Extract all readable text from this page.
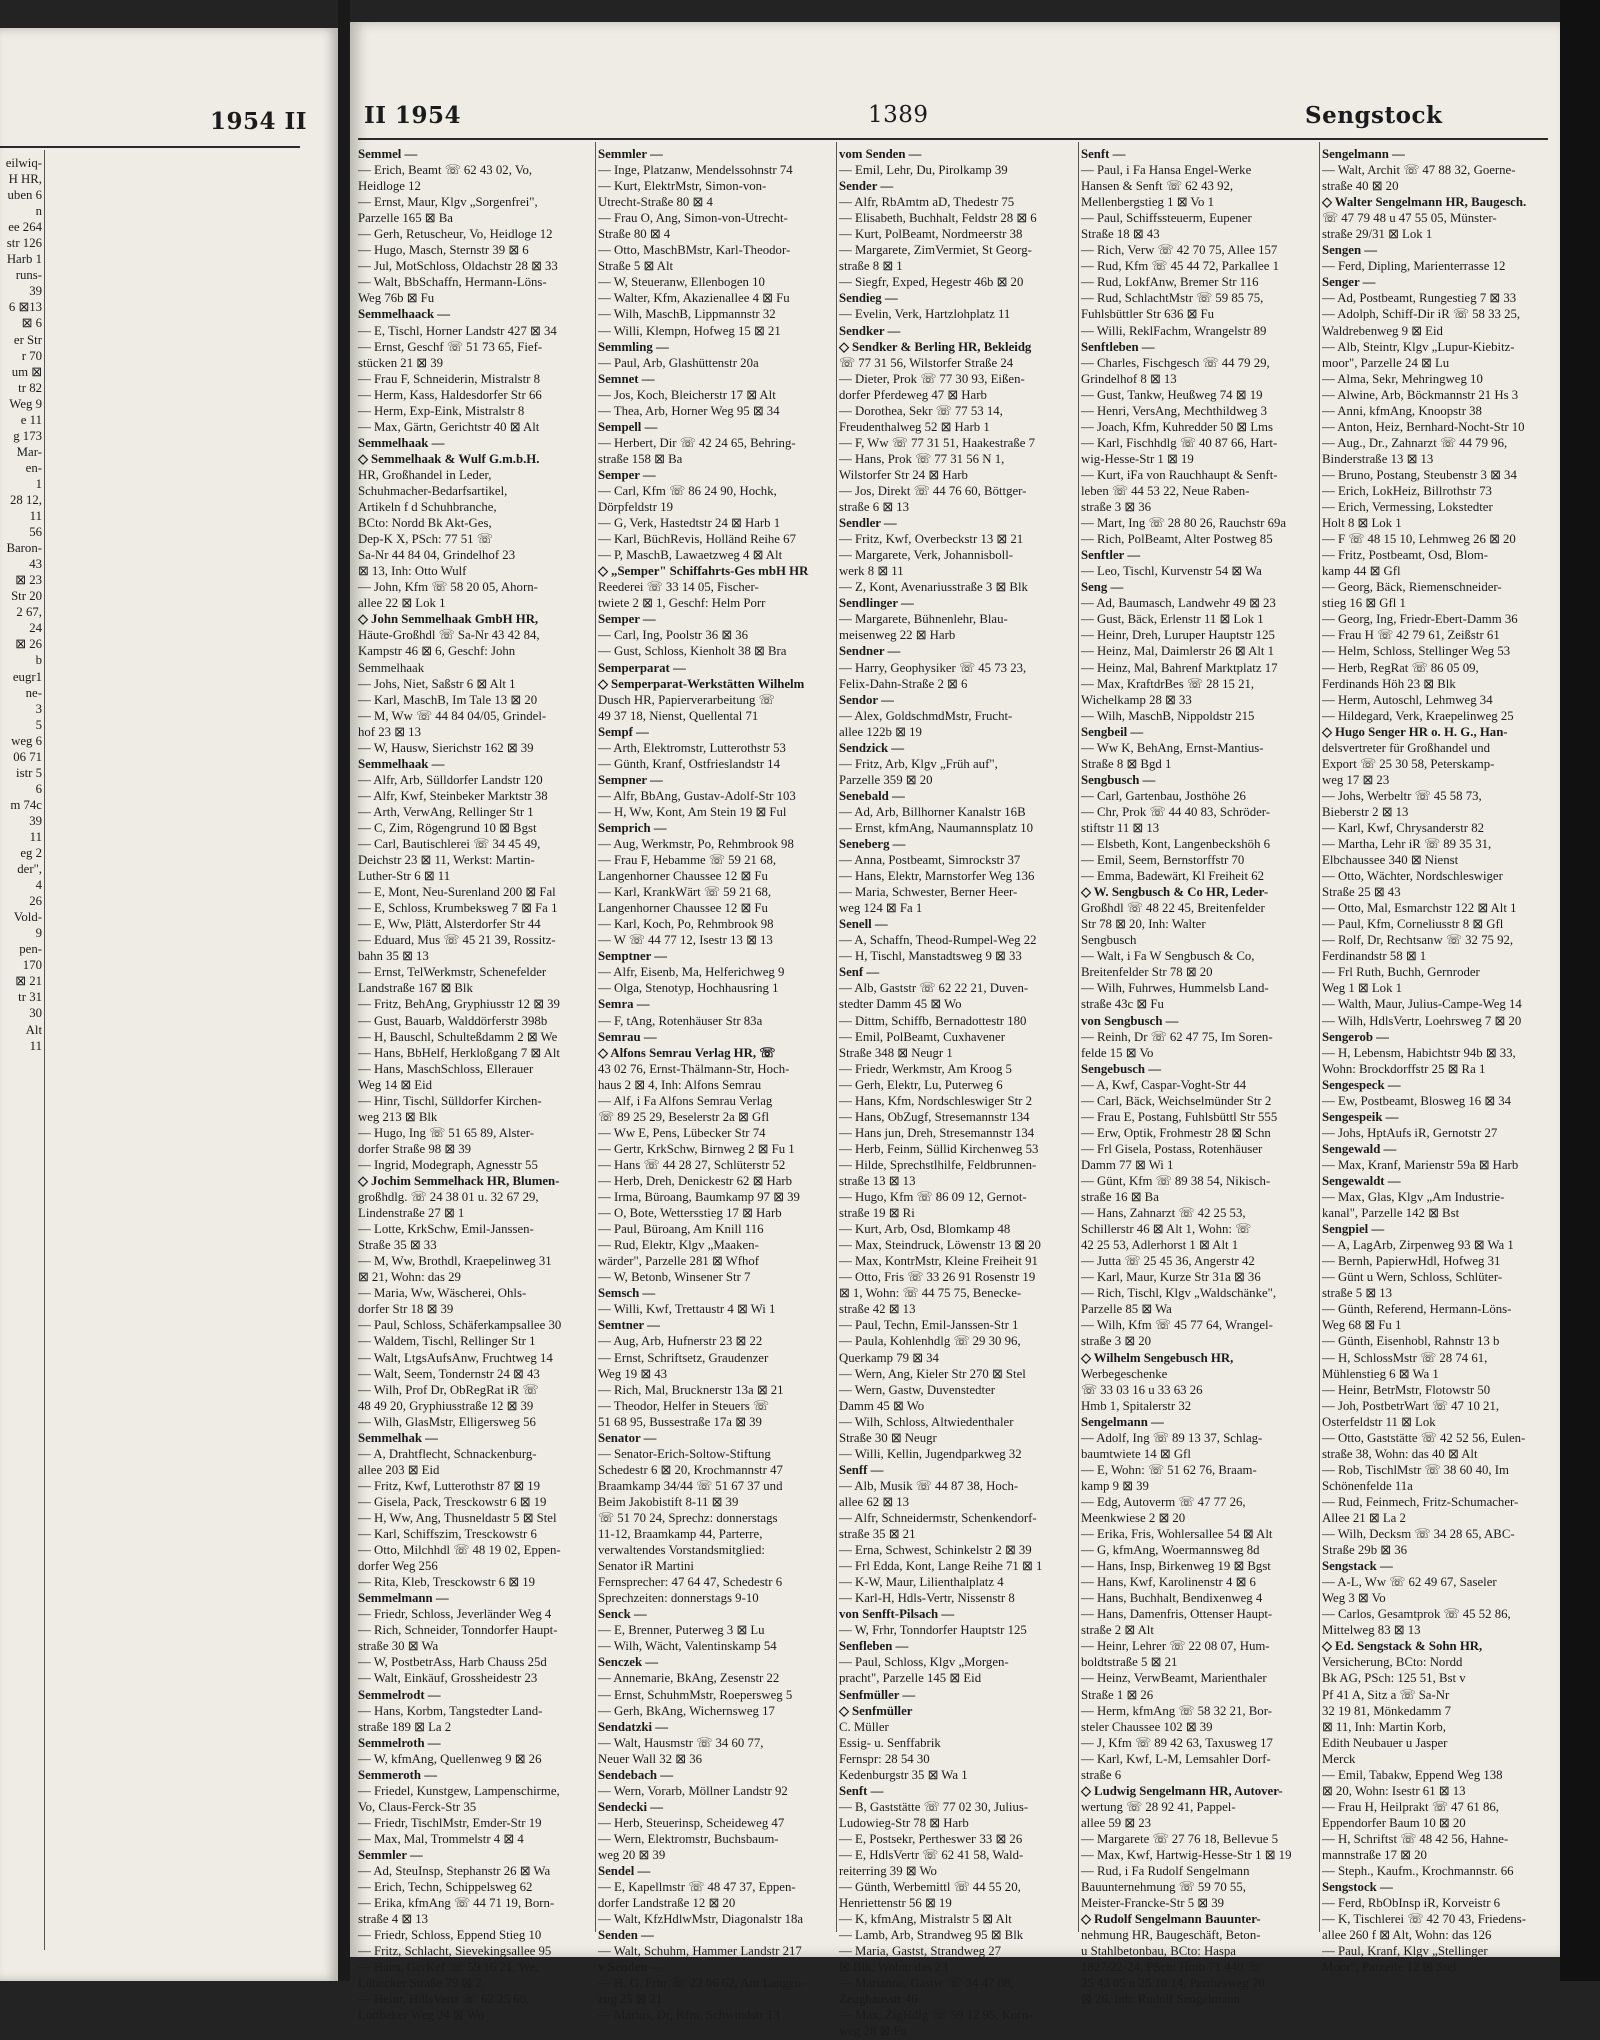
1954 II
eilwiq-
H HR,
uben 6
n
ee 264
str 126
Harb 1
runs-
39
6 ⊠13
⊠ 6
er Str
r 70
um ⊠
tr 82
Weg 9
e 11
g 173
Mar-
en-
1
28 12,
11
56
Baron-
43
⊠ 23
Str 20
2 67,
24
⊠ 26
b
eugr1
ne-
3
5
weg 6
06 71
istr 5
6
m 74c
39
11
eg 2
der",
4
26
Vold-
9
pen-
170
⊠ 21
tr 31
30
Alt
11
II 1954	1389	Sengstock
Semmel —
— Erich, Beamt ☏ 62 43 02, Vo,
Heidloge 12
— Ernst, Maur, Klgv „Sorgenfrei",
Parzelle 165 ⊠ Ba
— Gerh, Retuscheur, Vo, Heidloge 12
— Hugo, Masch, Sternstr 39 ⊠ 6
— Jul, MotSchloss, Oldachstr 28 ⊠ 33
— Walt, BbSchaffn, Hermann-Löns-
Weg 76b ⊠ Fu
Semmelhaack —
— E, Tischl, Horner Landstr 427 ⊠ 34
— Ernst, Geschf ☏ 51 73 65, Fief-
stücken 21 ⊠ 39
— Frau F, Schneiderin, Mistralstr 8
— Herm, Kass, Haldesdorfer Str 66
— Herm, Exp-Eink, Mistralstr 8
— Max, Gärtn, Gerichtstr 40 ⊠ Alt
Semmelhaak —
◇ Semmelhaak & Wulf G.m.b.H.
HR, Großhandel in Leder,
Schuhmacher-Bedarfsartikel,
Artikeln f d Schuhbranche,
BCto: Nordd Bk Akt-Ges,
Dep-K X, PSch: 77 51 ☏
Sa-Nr 44 84 04, Grindelhof 23
⊠ 13, Inh: Otto Wulf
— John, Kfm ☏ 58 20 05, Ahorn-
allee 22 ⊠ Lok 1
◇ John Semmelhaak GmbH HR,
Häute-Großhdl ☏ Sa-Nr 43 42 84,
Kampstr 46 ⊠ 6, Geschf: John
Semmelhaak
— Johs, Niet, Saßstr 6 ⊠ Alt 1
— Karl, MaschB, Im Tale 13 ⊠ 20
— M, Ww ☏ 44 84 04/05, Grindel-
hof 23 ⊠ 13
— W, Hausw, Sierichstr 162 ⊠ 39
Semmelhaak —
— Alfr, Arb, Sülldorfer Landstr 120
— Alfr, Kwf, Steinbeker Marktstr 38
— Arth, VerwAng, Rellinger Str 1
— C, Zim, Rögengrund 10 ⊠ Bgst
— Carl, Bautischlerei ☏ 34 45 49,
Deichstr 23 ⊠ 11, Werkst: Martin-
Luther-Str 6 ⊠ 11
— E, Mont, Neu-Surenland 200 ⊠ Fal
— E, Schloss, Krumbeksweg 7 ⊠ Fa 1
— E, Ww, Plätt, Alsterdorfer Str 44
— Eduard, Mus ☏ 45 21 39, Rossitz-
bahn 35 ⊠ 13
— Ernst, TelWerkmstr, Schenefelder
Landstraße 167 ⊠ Blk
— Fritz, BehAng, Gryphiusstr 12 ⊠ 39
— Gust, Bauarb, Walddörferstr 398b
— H, Bauschl, Schulteßdamm 2 ⊠ We
— Hans, BbHelf, Herkloßgang 7 ⊠ Alt
— Hans, MaschSchloss, Ellerauer
Weg 14 ⊠ Eid
— Hinr, Tischl, Sülldorfer Kirchen-
weg 213 ⊠ Blk
— Hugo, Ing ☏ 51 65 89, Alster-
dorfer Straße 98 ⊠ 39
— Ingrid, Modegraph, Agnesstr 55
◇ Jochim Semmelhack HR, Blumen-
großhdlg. ☏ 24 38 01 u. 32 67 29,
Lindenstraße 27 ⊠ 1
— Lotte, KrkSchw, Emil-Janssen-
Straße 35 ⊠ 33
— M, Ww, Brothdl, Kraepelinweg 31
⊠ 21, Wohn: das 29
— Maria, Ww, Wäscherei, Ohls-
dorfer Str 18 ⊠ 39
— Paul, Schloss, Schäferkampsallee 30
— Waldem, Tischl, Rellinger Str 1
— Walt, LtgsAufsAnw, Fruchtweg 14
— Walt, Seem, Tondernstr 24 ⊠ 43
— Wilh, Prof Dr, ObRegRat iR ☏
48 49 20, Gryphiusstraße 12 ⊠ 39
— Wilh, GlasMstr, Elligersweg 56
Semmelhak —
— A, Drahtflecht, Schnackenburg-
allee 203 ⊠ Eid
— Fritz, Kwf, Lutterothstr 87 ⊠ 19
— Gisela, Pack, Tresckowstr 6 ⊠ 19
— H, Ww, Ang, Thusneldastr 5 ⊠ Stel
— Karl, Schiffszim, Tresckowstr 6
— Otto, Milchhdl ☏ 48 19 02, Eppen-
dorfer Weg 256
— Rita, Kleb, Tresckowstr 6 ⊠ 19
Semmelmann —
— Friedr, Schloss, Jeverländer Weg 4
— Rich, Schneider, Tonndorfer Haupt-
straße 30 ⊠ Wa
— W, PostbetrAss, Harb Chauss 25d
— Walt, Einkäuf, Grossheidestr 23
Semmelrodt —
— Hans, Korbm, Tangstedter Land-
straße 189 ⊠ La 2
Semmelroth —
— W, kfmAng, Quellenweg 9 ⊠ 26
Semmeroth —
— Friedel, Kunstgew, Lampenschirme,
Vo, Claus-Ferck-Str 35
— Friedr, TischlMstr, Emder-Str 19
— Max, Mal, Trommelstr 4 ⊠ 4
Semmler —
— Ad, SteuInsp, Stephanstr 26 ⊠ Wa
— Erich, Techn, Schippelsweg 62
— Erika, kfmAng ☏ 44 71 19, Born-
straße 4 ⊠ 13
— Friedr, Schloss, Eppend Stieg 10
— Fritz, Schlacht, Sievekingsallee 95
— Hans, GerKef ☏ 59 16 21, We,
Lübecker Straße 79 ⊠ 2
— Heinr, HdlsVertr ☏ 62 25 60,
Lottbeker Weg 24 ⊠ Wo
Semmler —
— Inge, Platzanw, Mendelssohnstr 74
— Kurt, ElektrMstr, Simon-von-
Utrecht-Straße 80 ⊠ 4
— Frau O, Ang, Simon-von-Utrecht-
Straße 80 ⊠ 4
— Otto, MaschBMstr, Karl-Theodor-
Straße 5 ⊠ Alt
— W, Steueranw, Ellenbogen 10
— Walter, Kfm, Akazienallee 4 ⊠ Fu
— Wilh, MaschB, Lippmannstr 32
— Willi, Klempn, Hofweg 15 ⊠ 21
Semmling —
— Paul, Arb, Glashüttenstr 20a
Semnet —
— Jos, Koch, Bleicherstr 17 ⊠ Alt
— Thea, Arb, Horner Weg 95 ⊠ 34
Sempell —
— Herbert, Dir ☏ 42 24 65, Behring-
straße 158 ⊠ Ba
Semper —
— Carl, Kfm ☏ 86 24 90, Hochk,
Dörpfeldstr 19
— G, Verk, Hastedtstr 24 ⊠ Harb 1
— Karl, BüchRevis, Holländ Reihe 67
— P, MaschB, Lawaetzweg 4 ⊠ Alt
◇ „Semper" Schiffahrts-Ges mbH HR
Reederei ☏ 33 14 05, Fischer-
twiete 2 ⊠ 1, Geschf: Helm Porr
Semper —
— Carl, Ing, Poolstr 36 ⊠ 36
— Gust, Schloss, Kienholt 38 ⊠ Bra
Semperparat —
◇ Semperparat-Werkstätten Wilhelm
Dusch HR, Papierverarbeitung ☏
49 37 18, Nienst, Quellental 71
Sempf —
— Arth, Elektromstr, Lutterothstr 53
— Günth, Kranf, Ostfrieslandstr 14
Sempner —
— Alfr, BbAng, Gustav-Adolf-Str 103
— H, Ww, Kont, Am Stein 19 ⊠ Ful
Semprich —
— Aug, Werkmstr, Po, Rehmbrook 98
— Frau F, Hebamme ☏ 59 21 68,
Langenhorner Chaussee 12 ⊠ Fu
— Karl, KrankWärt ☏ 59 21 68,
Langenhorner Chaussee 12 ⊠ Fu
— Karl, Koch, Po, Rehmbrook 98
— W ☏ 44 77 12, Isestr 13 ⊠ 13
Semptner —
— Alfr, Eisenb, Ma, Helferichweg 9
— Olga, Stenotyp, Hochhausring 1
Semra —
— F, tAng, Rotenhäuser Str 83a
Semrau —
◇ Alfons Semrau Verlag HR, ☏
43 02 76, Ernst-Thälmann-Str, Hoch-
haus 2 ⊠ 4, Inh: Alfons Semrau
— Alf, i Fa Alfons Semrau Verlag
☏ 89 25 29, Beselerstr 2a ⊠ Gfl
— Ww E, Pens, Lübecker Str 74
— Gertr, KrkSchw, Birnweg 2 ⊠ Fu 1
— Hans ☏ 44 28 27, Schlüterstr 52
— Herb, Dreh, Denickestr 62 ⊠ Harb
— Irma, Büroang, Baumkamp 97 ⊠ 39
— O, Bote, Wettersstieg 17 ⊠ Harb
— Paul, Büroang, Am Knill 116
— Rud, Elektr, Klgv „Maaken-
wärder", Parzelle 281 ⊠ Wfhof
— W, Betonb, Winsener Str 7
Semsch —
— Willi, Kwf, Trettaustr 4 ⊠ Wi 1
Semtner —
— Aug, Arb, Hufnerstr 23 ⊠ 22
— Ernst, Schriftsetz, Graudenzer
Weg 19 ⊠ 43
— Rich, Mal, Brucknerstr 13a ⊠ 21
— Theodor, Helfer in Steuers ☏
51 68 95, Bussestraße 17a ⊠ 39
Senator —
— Senator-Erich-Soltow-Stiftung
Schedestr 6 ⊠ 20, Krochmannstr 47
Braamkamp 34/44 ☏ 51 67 37 und
Beim Jakobistift 8-11 ⊠ 39
☏ 51 70 24, Sprechz: donnerstags
11-12, Braamkamp 44, Parterre,
verwaltendes Vorstandsmitglied:
Senator iR Martini
Fernsprecher: 47 64 47, Schedestr 6
Sprechzeiten: donnerstags 9-10
Senck —
— E, Brenner, Puterweg 3 ⊠ Lu
— Wilh, Wächt, Valentinskamp 54
Senczek —
— Annemarie, BkAng, Zesenstr 22
— Ernst, SchuhmMstr, Roepersweg 5
— Gerh, BkAng, Wichernsweg 17
Sendatzki —
— Walt, Hausmstr ☏ 34 60 77,
Neuer Wall 32 ⊠ 36
Sendebach —
— Wern, Vorarb, Möllner Landstr 92
Sendecki —
— Herb, Steuerinsp, Scheideweg 47
— Wern, Elektromstr, Buchsbaum-
weg 20 ⊠ 39
Sendel —
— E, Kapellmstr ☏ 48 47 37, Eppen-
dorfer Landstraße 12 ⊠ 20
— Walt, KfzHdlwMstr, Diagonalstr 18a
Senden —
— Walt, Schuhm, Hammer Landstr 217
v Senden —
— H, G, Frhr ☏ 22 06 62, Am Langen-
zug 25 ⊠ 21
— Marius, Dr, Kfm, Schwindstr 13
vom Senden —
— Emil, Lehr, Du, Pirolkamp 39
Sender —
— Alfr, RbAmtm aD, Thedestr 75
— Elisabeth, Buchhalt, Feldstr 28 ⊠ 6
— Kurt, PolBeamt, Nordmeerstr 38
— Margarete, ZimVermiet, St Georg-
straße 8 ⊠ 1
— Siegfr, Exped, Hegestr 46b ⊠ 20
Sendieg —
— Evelin, Verk, Hartzlohplatz 11
Sendker —
◇ Sendker & Berling HR, Bekleidg
☏ 77 31 56, Wilstorfer Straße 24
— Dieter, Prok ☏ 77 30 93, Eißen-
dorfer Pferdeweg 47 ⊠ Harb
— Dorothea, Sekr ☏ 77 53 14,
Freudenthalweg 52 ⊠ Harb 1
— F, Ww ☏ 77 31 51, Haakestraße 7
— Hans, Prok ☏ 77 31 56 N 1,
Wilstorfer Str 24 ⊠ Harb
— Jos, Direkt ☏ 44 76 60, Böttger-
straße 6 ⊠ 13
Sendler —
— Fritz, Kwf, Overbeckstr 13 ⊠ 21
— Margarete, Verk, Johannisboll-
werk 8 ⊠ 11
— Z, Kont, Avenariusstraße 3 ⊠ Blk
Sendlinger —
— Margarete, Bühnenlehr, Blau-
meisenweg 22 ⊠ Harb
Sendner —
— Harry, Geophysiker ☏ 45 73 23,
Felix-Dahn-Straße 2 ⊠ 6
Sendor —
— Alex, GoldschmdMstr, Frucht-
allee 122b ⊠ 19
Sendzick —
— Fritz, Arb, Klgv „Früh auf",
Parzelle 359 ⊠ 20
Senebald —
— Ad, Arb, Billhorner Kanalstr 16B
— Ernst, kfmAng, Naumannsplatz 10
Seneberg —
— Anna, Postbeamt, Simrockstr 37
— Hans, Elektr, Marnstorfer Weg 136
— Maria, Schwester, Berner Heer-
weg 124 ⊠ Fa 1
Senell —
— A, Schaffn, Theod-Rumpel-Weg 22
— H, Tischl, Manstadtsweg 9 ⊠ 33
Senf —
— Alb, Gaststr ☏ 62 22 21, Duven-
stedter Damm 45 ⊠ Wo
— Dittm, Schiffb, Bernadottestr 180
— Emil, PolBeamt, Cuxhavener
Straße 348 ⊠ Neugr 1
— Friedr, Werkmstr, Am Kroog 5
— Gerh, Elektr, Lu, Puterweg 6
— Hans, Kfm, Nordschleswiger Str 2
— Hans, ObZugf, Stresemannstr 134
— Hans jun, Dreh, Stresemannstr 134
— Herb, Feinm, Süllid Kirchenweg 53
— Hilde, Sprechstlhilfe, Feldbrunnen-
straße 13 ⊠ 13
— Hugo, Kfm ☏ 86 09 12, Gernot-
straße 19 ⊠ Ri
— Kurt, Arb, Osd, Blomkamp 48
— Max, Steindruck, Löwenstr 13 ⊠ 20
— Max, KontrMstr, Kleine Freiheit 91
— Otto, Fris ☏ 33 26 91 Rosenstr 19
⊠ 1, Wohn: ☏ 44 75 75, Benecke-
straße 42 ⊠ 13
— Paul, Techn, Emil-Janssen-Str 1
— Paula, Kohlenhdlg ☏ 29 30 96,
Querkamp 79 ⊠ 34
— Wern, Ang, Kieler Str 270 ⊠ Stel
— Wern, Gastw, Duvenstedter
Damm 45 ⊠ Wo
— Wilh, Schloss, Altwiedenthaler
Straße 30 ⊠ Neugr
— Willi, Kellin, Jugendparkweg 32
Senff —
— Alb, Musik ☏ 44 87 38, Hoch-
allee 62 ⊠ 13
— Alfr, Schneidermstr, Schenkendorf-
straße 35 ⊠ 21
— Erna, Schwest, Schinkelstr 2 ⊠ 39
— Frl Edda, Kont, Lange Reihe 71 ⊠ 1
— K-W, Maur, Lilienthalplatz 4
— Karl-H, Hdls-Vertr, Nissenstr 8
von Senfft-Pilsach —
— W, Frhr, Tonndorfer Hauptstr 125
Senfleben —
— Paul, Schloss, Klgv „Morgen-
pracht", Parzelle 145 ⊠ Eid
Senfmüller —
◇ Senfmüller
C. Müller
Essig- u. Senffabrik
Fernspr: 28 54 30
Kedenburgstr 35 ⊠ Wa 1
Senft —
— B, Gaststätte ☏ 77 02 30, Julius-
Ludowieg-Str 78 ⊠ Harb
— E, Postsekr, Pertheswег 33 ⊠ 26
— E, HdlsVertr ☏ 62 41 58, Wald-
reiterring 39 ⊠ Wo
— Günth, Werbemittl ☏ 44 55 20,
Henriettenstr 56 ⊠ 19
— K, kfmAng, Mistralstr 5 ⊠ Alt
— Lamb, Arb, Strandweg 95 ⊠ Blk
— Maria, Gastst, Strandweg 27
⊠ Blk, Wohn: das 23
— Marianne, Gastw ☏ 34 47 08,
Zeughausstr 46
— Max, ZigHdlg ☏ 59 12 95, Korn-
weg 28 ⊠ Fu
Senft —
— Paul, i Fa Hansa Engel-Werke
Hansen & Senft ☏ 62 43 92,
Mellenbergstieg 1 ⊠ Vo 1
— Paul, Schiffssteuerm, Eupener
Straße 18 ⊠ 43
— Rich, Verw ☏ 42 70 75, Allee 157
— Rud, Kfm ☏ 45 44 72, Parkallee 1
— Rud, LokfAnw, Bremer Str 116
— Rud, SchlachtMstr ☏ 59 85 75,
Fuhlsbüttler Str 636 ⊠ Fu
— Willi, ReklFachm, Wrangelstr 89
Senftleben —
— Charles, Fischgesch ☏ 44 79 29,
Grindelhof 8 ⊠ 13
— Gust, Tankw, Heußweg 74 ⊠ 19
— Henri, VersAng, Mechthildweg 3
— Joach, Kfm, Kuhredder 50 ⊠ Lms
— Karl, Fischhdlg ☏ 40 87 66, Hart-
wig-Hesse-Str 1 ⊠ 19
— Kurt, iFa von Rauchhaupt & Senft-
leben ☏ 44 53 22, Neue Raben-
straße 3 ⊠ 36
— Mart, Ing ☏ 28 80 26, Rauchstr 69a
— Rich, PolBeamt, Alter Postweg 85
Senftler —
— Leo, Tischl, Kurvenstr 54 ⊠ Wa
Seng —
— Ad, Baumasch, Landwehr 49 ⊠ 23
— Gust, Bäck, Erlenstr 11 ⊠ Lok 1
— Heinr, Dreh, Luruper Hauptstr 125
— Heinz, Mal, Daimlerstr 26 ⊠ Alt 1
— Heinz, Mal, Bahrenf Marktplatz 17
— Max, KraftdrBes ☏ 28 15 21,
Wichelkamp 28 ⊠ 33
— Wilh, MaschB, Nippoldstr 215
Sengbeil —
— Ww K, BehAng, Ernst-Mantius-
Straße 8 ⊠ Bgd 1
Sengbusch —
— Carl, Gartenbau, Josthöhe 26
— Chr, Prok ☏ 44 40 83, Schröder-
stiftstr 11 ⊠ 13
— Elsbeth, Kont, Langenbeckshöh 6
— Emil, Seem, Bernstorffstr 70
— Emma, Badewärt, Kl Freiheit 62
◇ W. Sengbusch & Co HR, Leder-
Großhdl ☏ 48 22 45, Breitenfelder
Str 78 ⊠ 20, Inh: Walter
Sengbusch
— Walt, i Fa W Sengbusch & Co,
Breitenfelder Str 78 ⊠ 20
— Wilh, Fuhrwes, Hummelsb Land-
straße 43c ⊠ Fu
von Sengbusch —
— Reinh, Dr ☏ 62 47 75, Im Soren-
felde 15 ⊠ Vo
Sengebusch —
— A, Kwf, Caspar-Voght-Str 44
— Carl, Bäck, Weichselmünder Str 2
— Frau E, Postang, Fuhlsbüttl Str 555
— Erw, Optik, Frohmestr 28 ⊠ Schn
— Frl Gisela, Postass, Rotenhäuser
Damm 77 ⊠ Wi 1
— Günt, Kfm ☏ 89 38 54, Nikisch-
straße 16 ⊠ Ba
— Hans, Zahnarzt ☏ 42 25 53,
Schillerstr 46 ⊠ Alt 1, Wohn: ☏
42 25 53, Adlerhorst 1 ⊠ Alt 1
— Jutta ☏ 25 45 36, Angerstr 42
— Karl, Maur, Kurze Str 31a ⊠ 36
— Rich, Tischl, Klgv „Waldschänke",
Parzelle 85 ⊠ Wa
— Wilh, Kfm ☏ 45 77 64, Wrangel-
straße 3 ⊠ 20
◇ Wilhelm Sengebusch HR,
Werbegeschenke
☏ 33 03 16 u 33 63 26
Hmb 1, Spitalerstr 32
Sengelmann —
— Adolf, Ing ☏ 89 13 37, Schlag-
baumtwiete 14 ⊠ Gfl
— E, Wohn: ☏ 51 62 76, Braam-
kamp 9 ⊠ 39
— Edg, Autoverm ☏ 47 77 26,
Meenkwiese 2 ⊠ 20
— Erika, Fris, Wohlersallee 54 ⊠ Alt
— G, kfmAng, Woermannsweg 8d
— Hans, Insp, Birkenweg 19 ⊠ Bgst
— Hans, Kwf, Karolinenstr 4 ⊠ 6
— Hans, Buchhalt, Bendixenweg 4
— Hans, Damenfris, Ottenser Haupt-
straße 2 ⊠ Alt
— Heinr, Lehrer ☏ 22 08 07, Hum-
boldtstraße 5 ⊠ 21
— Heinz, VerwBeamt, Marienthaler
Straße 1 ⊠ 26
— Herm, kfmAng ☏ 58 32 21, Bor-
steler Chaussee 102 ⊠ 39
— J, Kfm ☏ 89 42 63, Taxusweg 17
— Karl, Kwf, L-M, Lemsahler Dorf-
straße 6
◇ Ludwig Sengelmann HR, Autover-
wertung ☏ 28 92 41, Pappel-
allee 59 ⊠ 23
— Margarete ☏ 27 76 18, Bellevue 5
— Max, Kwf, Hartwig-Hesse-Str 1 ⊠ 19
— Rud, i Fa Rudolf Sengelmann
Bauunternehmung ☏ 59 70 55,
Meister-Francke-Str 5 ⊠ 39
◇ Rudolf Sengelmann Bauunter-
nehmung HR, Baugeschäft, Beton-
u Stahlbetonbau, BCto: Haspa
1827/22-24, PSch: Hmb 71 440 ☏
25 43 05 u 25 10 14, Perthesweg 70
⊠ 26, Inh: Rudolf Sengelmann
Sengelmann —
— Walt, Archit ☏ 47 88 32, Goerne-
straße 40 ⊠ 20
◇ Walter Sengelmann HR, Baugesch.
☏ 47 79 48 u 47 55 05, Münster-
straße 29/31 ⊠ Lok 1
Sengen —
— Ferd, Dipling, Marienterrasse 12
Senger —
— Ad, Postbeamt, Rungestieg 7 ⊠ 33
— Adolph, Schiff-Dir iR ☏ 58 33 25,
Waldrebenweg 9 ⊠ Eid
— Alb, Steintr, Klgv „Lupur-Kiebitz-
moor", Parzelle 24 ⊠ Lu
— Alma, Sekr, Mehringweg 10
— Alwine, Arb, Böckmannstr 21 Hs 3
— Anni, kfmAng, Knoopstr 38
— Anton, Heiz, Bernhard-Nocht-Str 10
— Aug., Dr., Zahnarzt ☏ 44 79 96,
Binderstraße 13 ⊠ 13
— Bruno, Postang, Steubenstr 3 ⊠ 34
— Erich, LokHeiz, Billrothstr 73
— Erich, Vermessing, Lokstedter
Holt 8 ⊠ Lok 1
— F ☏ 48 15 10, Lehmweg 26 ⊠ 20
— Fritz, Postbeamt, Osd, Blom-
kamp 44 ⊠ Gfl
— Georg, Bäck, Riemenschneider-
stieg 16 ⊠ Gfl 1
— Georg, Ing, Friedr-Ebert-Damm 36
— Frau H ☏ 42 79 61, Zeißstr 61
— Helm, Schloss, Stellinger Weg 53
— Herb, RegRat ☏ 86 05 09,
Ferdinands Höh 23 ⊠ Blk
— Herm, Autoschl, Lehmweg 34
— Hildegard, Verk, Kraepelinweg 25
◇ Hugo Senger HR o. H. G., Han-
delsvertreter für Großhandel und
Export ☏ 25 30 58, Peterskamp-
weg 17 ⊠ 23
— Johs, Werbeltr ☏ 45 58 73,
Bieberstr 2 ⊠ 13
— Karl, Kwf, Chrysanderstr 82
— Martha, Lehr iR ☏ 89 35 31,
Elbchaussee 340 ⊠ Nienst
— Otto, Wächter, Nordschleswiger
Straße 25 ⊠ 43
— Otto, Mal, Esmarchstr 122 ⊠ Alt 1
— Paul, Kfm, Corneliusstr 8 ⊠ Gfl
— Rolf, Dr, Rechtsanw ☏ 32 75 92,
Ferdinandstr 58 ⊠ 1
— Frl Ruth, Buchh, Gernroder
Weg 1 ⊠ Lok 1
— Walth, Maur, Julius-Campe-Weg 14
— Wilh, HdlsVertr, Loehrsweg 7 ⊠ 20
Sengerob —
— H, Lebensm, Habichtstr 94b ⊠ 33,
Wohn: Brockdorffstr 25 ⊠ Ra 1
Sengespeck —
— Ew, Postbeamt, Blosweg 16 ⊠ 34
Sengespeik —
— Johs, HptAufs iR, Gernotstr 27
Sengewald —
— Max, Kranf, Marienstr 59a ⊠ Harb
Sengewaldt —
— Max, Glas, Klgv „Am Industrie-
kanal", Parzelle 142 ⊠ Bst
Sengpiel —
— A, LagArb, Zirpenweg 93 ⊠ Wa 1
— Bernh, PapierwHdl, Hofweg 31
— Günt u Wern, Schloss, Schlüter-
straße 5 ⊠ 13
— Günth, Referend, Hermann-Löns-
Weg 68 ⊠ Fu 1
— Günth, Eisenhobl, Rahnstr 13 b
— H, SchlossMstr ☏ 28 74 61,
Mühlenstieg 6 ⊠ Wa 1
— Heinr, BetrMstr, Flotowstr 50
— Joh, PostbetrWart ☏ 47 10 21,
Osterfeldstr 11 ⊠ Lok
— Otto, Gaststätte ☏ 42 52 56, Eulen-
straße 38, Wohn: das 40 ⊠ Alt
— Rob, TischlMstr ☏ 38 60 40, Im
Schönenfelde 11a
— Rud, Feinmech, Fritz-Schumacher-
Allee 21 ⊠ La 2
— Wilh, Decksm ☏ 34 28 65, ABC-
Straße 29b ⊠ 36
Sengstack —
— A-L, Ww ☏ 62 49 67, Saseler
Weg 3 ⊠ Vo
— Carlos, Gesamtprok ☏ 45 52 86,
Mittelweg 83 ⊠ 13
◇ Ed. Sengstack & Sohn HR,
Versicherung, BCto: Nordd
Bk AG, PSch: 125 51, Bst v
Pf 41 A, Sitz a ☏ Sa-Nr
32 19 81, Mönkedamm 7
⊠ 11, Inh: Martin Korb,
Edith Neubauer u Jasper
Merck
— Emil, Tabakw, Eppend Weg 138
⊠ 20, Wohn: Isestr 61 ⊠ 13
— Frau H, Heilprakt ☏ 47 61 86,
Eppendorfer Baum 10 ⊠ 20
— H, Schriftst ☏ 48 42 56, Hahne-
mannstraße 17 ⊠ 20
— Steph., Kaufm., Krochmannstr. 66
Sengstock —
— Ferd, RbObInsp iR, Korveistr 6
— K, Tischlerei ☏ 42 70 43, Friedens-
allee 260 f ⊠ Alt, Wohn: das 126
— Paul, Kranf, Klgv „Stellinger
Moor", Parzelle 12 ⊠ Stel
